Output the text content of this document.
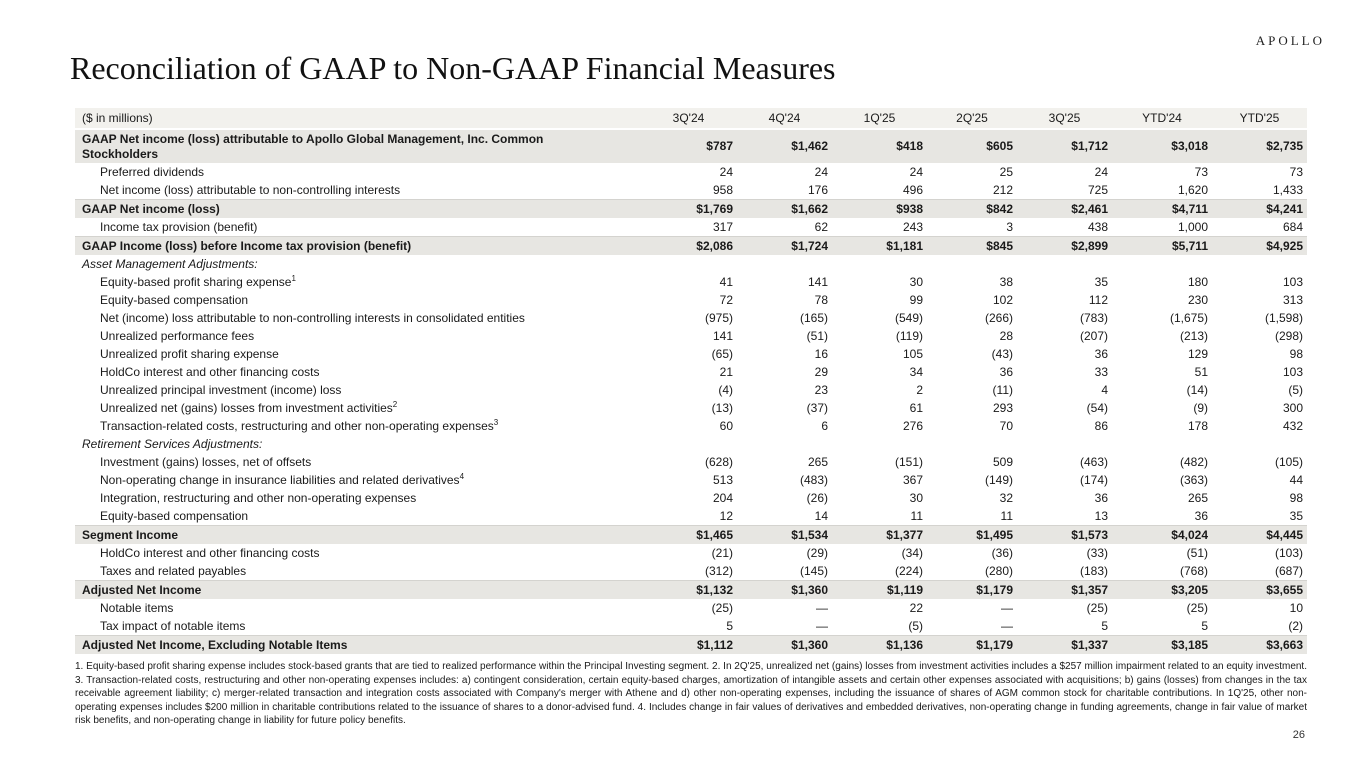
APOLLO
Reconciliation of GAAP to Non-GAAP Financial Measures
($ in millions)	3Q'24	4Q'24	1Q'25	2Q'25	3Q'25	YTD'24	YTD'25
GAAP Net income (loss) attributable to Apollo Global Management, Inc. Common Stockholders	$787	$1,462	$418	$605	$1,712	$3,018	$2,735
Preferred dividends	24	24	24	25	24	73	73
Net income (loss) attributable to non-controlling interests	958	176	496	212	725	1,620	1,433
GAAP Net income (loss)	$1,769	$1,662	$938	$842	$2,461	$4,711	$4,241
Income tax provision (benefit)	317	62	243	3	438	1,000	684
GAAP Income (loss) before Income tax provision (benefit)	$2,086	$1,724	$1,181	$845	$2,899	$5,711	$4,925
Asset Management Adjustments:							
Equity-based profit sharing expense$^1$	41	141	30	38	35	180	103
Equity-based compensation	72	78	99	102	112	230	313
Net (income) loss attributable to non-controlling interests in consolidated entities	(975)	(165)	(549)	(266)	(783)	(1,675)	(1,598)
Unrealized performance fees	141	(51)	(119)	28	(207)	(213)	(298)
Unrealized profit sharing expense	(65)	16	105	(43)	36	129	98
HoldCo interest and other financing costs	21	29	34	36	33	51	103
Unrealized principal investment (income) loss	(4)	23	2	(11)	4	(14)	(5)
Unrealized net (gains) losses from investment activities$^2$	(13)	(37)	61	293	(54)	(9)	300
Transaction-related costs, restructuring and other non-operating expenses$^3$	60	6	276	70	86	178	432
Retirement Services Adjustments:							
Investment (gains) losses, net of offsets	(628)	265	(151)	509	(463)	(482)	(105)
Non-operating change in insurance liabilities and related derivatives$^4$	513	(483)	367	(149)	(174)	(363)	44
Integration, restructuring and other non-operating expenses	204	(26)	30	32	36	265	98
Equity-based compensation	12	14	11	11	13	36	35
Segment Income	$1,465	$1,534	$1,377	$1,495	$1,573	$4,024	$4,445
HoldCo interest and other financing costs	(21)	(29)	(34)	(36)	(33)	(51)	(103)
Taxes and related payables	(312)	(145)	(224)	(280)	(183)	(768)	(687)
Adjusted Net Income	$1,132	$1,360	$1,119	$1,179	$1,357	$3,205	$3,655
Notable items	(25)	—	22	—	(25)	(25)	10
Tax impact of notable items	5	—	(5)	—	5	5	(2)
Adjusted Net Income, Excluding Notable Items	$1,112	$1,360	$1,136	$1,179	$1,337	$3,185	$3,663

1. Equity-based profit sharing expense includes stock-based grants that are tied to realized performance within the Principal Investing segment. 2. In 2Q'25, unrealized net (gains) losses from investment activities includes a $257 million impairment related to an equity investment. 3. Transaction-related costs, restructuring and other non-operating expenses includes: a) contingent consideration, certain equity-based charges, amortization of intangible assets and certain other expenses associated with acquisitions; b) gains (losses) from changes in the tax receivable agreement liability; c) merger-related transaction and integration costs associated with Company's merger with Athene and d) other non-operating expenses, including the issuance of shares of AGM common stock for charitable contributions. In 1Q'25, other non-operating expenses includes $200 million in charitable contributions related to the issuance of shares to a donor-advised fund. 4. Includes change in fair values of derivatives and embedded derivatives, non-operating change in funding agreements, change in fair value of market risk benefits, and non-operating change in liability for future policy benefits.

26
